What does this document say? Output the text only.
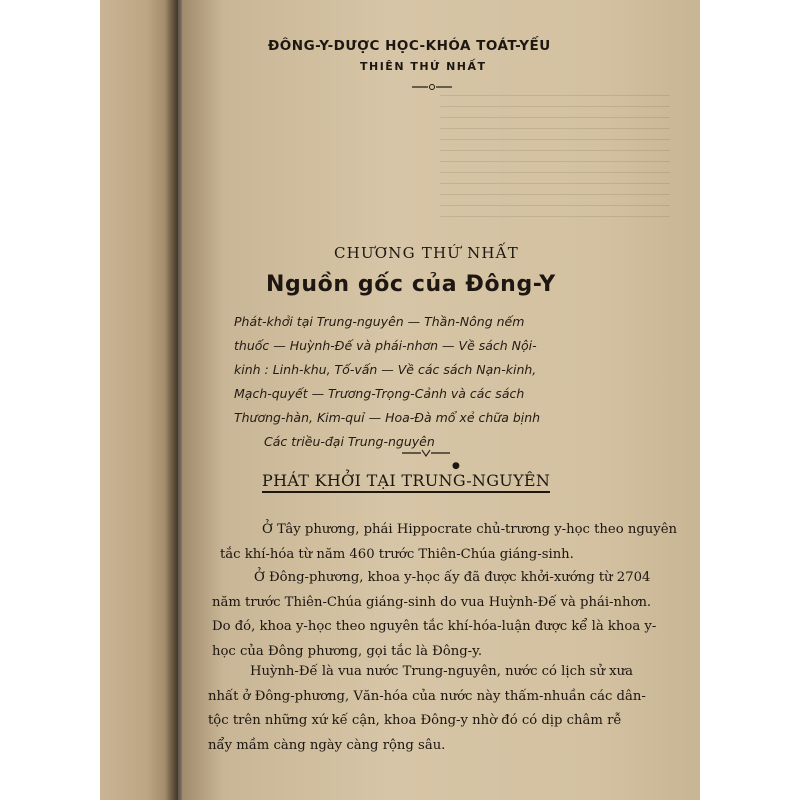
ĐÔNG-Y-DƯỢC HỌC-KHÓA TOÁT-YẾU
THIÊN THỨ NHẤT
CHƯƠNG THỨ NHẤT
Nguồn gốc của Đông-Y
Phát-khởi tại Trung-nguyên — Thần-Nông nếm
thuốc — Huỳnh-Đế và phái-nhơn — Về sách Nội-
kinh : Linh-khu, Tố-vấn — Về các sách Nạn-kinh,
Mạch-quyết — Trương-Trọng-Cảnh và các sách
Thương-hàn, Kim-quỉ — Hoa-Đà mổ xẻ chữa bịnh
Các triều-đại Trung-nguyên
●
PHÁT KHỞI TẠI TRUNG-NGUYÊN
Ở Tây phương, phái Hippocrate chủ-trương y-học theo nguyên
tắc khí-hóa từ năm 460 trước Thiên-Chúa giáng-sinh.
Ở Đông-phương, khoa y-học ấy đã được khởi-xướng từ 2704
năm trước Thiên-Chúa giáng-sinh do vua Huỳnh-Đế và phái-nhơn.
Do đó, khoa y-học theo nguyên tắc khí-hóa-luận được kể là khoa y-
học của Đông phương, gọi tắc là Đông-y.
Huỳnh-Đế là vua nước Trung-nguyên, nước có lịch sử xưa
nhất ở Đông-phương, Văn-hóa của nước này thấm-nhuần các dân-
tộc trên những xứ kế cận, khoa Đông-y nhờ đó có dịp châm rễ
nẩy mầm càng ngày càng rộng sâu.
